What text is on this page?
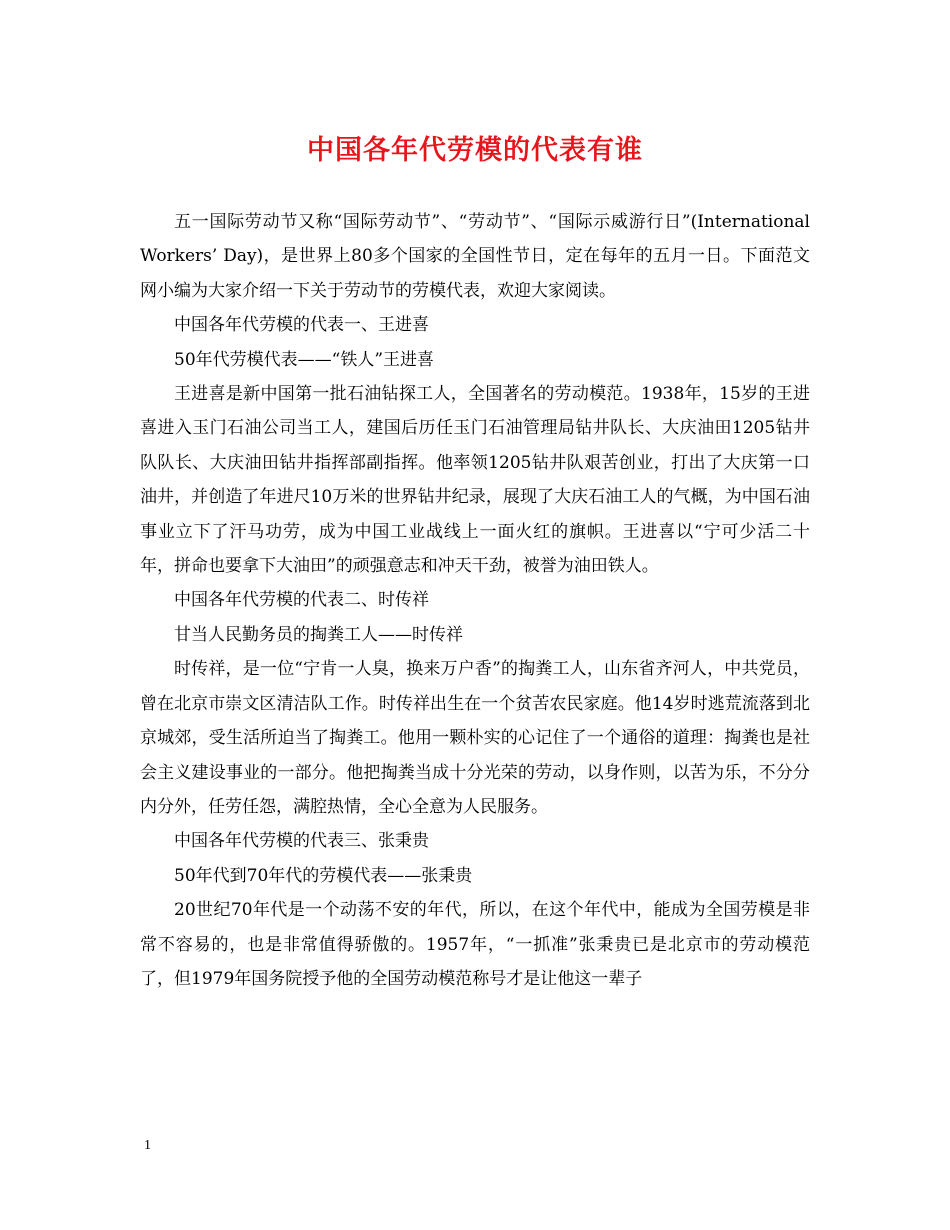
中国各年代劳模的代表有谁

五一国际劳动节又称“国际劳动节”、“劳动节”、“国际示威游行日”(International Workers’ Day)，是世界上80多个国家的全国性节日，定在每年的五月一日。下面范文网小编为大家介绍一下关于劳动节的劳模代表，欢迎大家阅读。

中国各年代劳模的代表一、王进喜

50年代劳模代表——“铁人”王进喜

王进喜是新中国第一批石油钻探工人，全国著名的劳动模范。1938年，15岁的王进喜进入玉门石油公司当工人，建国后历任玉门石油管理局钻井队长、大庆油田1205钻井队队长、大庆油田钻井指挥部副指挥。他率领1205钻井队艰苦创业，打出了大庆第一口油井，并创造了年进尺10万米的世界钻井纪录，展现了大庆石油工人的气概，为中国石油事业立下了汗马功劳，成为中国工业战线上一面火红的旗帜。王进喜以“宁可少活二十年，拼命也要拿下大油田”的顽强意志和冲天干劲，被誉为油田铁人。

中国各年代劳模的代表二、时传祥

甘当人民勤务员的掏粪工人——时传祥

时传祥，是一位“宁肯一人臭，换来万户香”的掏粪工人，山东省齐河人，中共党员，曾在北京市崇文区清洁队工作。时传祥出生在一个贫苦农民家庭。他14岁时逃荒流落到北京城郊，受生活所迫当了掏粪工。他用一颗朴实的心记住了一个通俗的道理：掏粪也是社会主义建设事业的一部分。他把掏粪当成十分光荣的劳动，以身作则，以苦为乐，不分分内分外，任劳任怨，满腔热情，全心全意为人民服务。

中国各年代劳模的代表三、张秉贵

50年代到70年代的劳模代表——张秉贵

20世纪70年代是一个动荡不安的年代，所以，在这个年代中，能成为全国劳模是非常不容易的，也是非常值得骄傲的。1957年，“一抓准”张秉贵已是北京市的劳动模范了，但1979年国务院授予他的全国劳动模范称号才是让他这一辈子

1
